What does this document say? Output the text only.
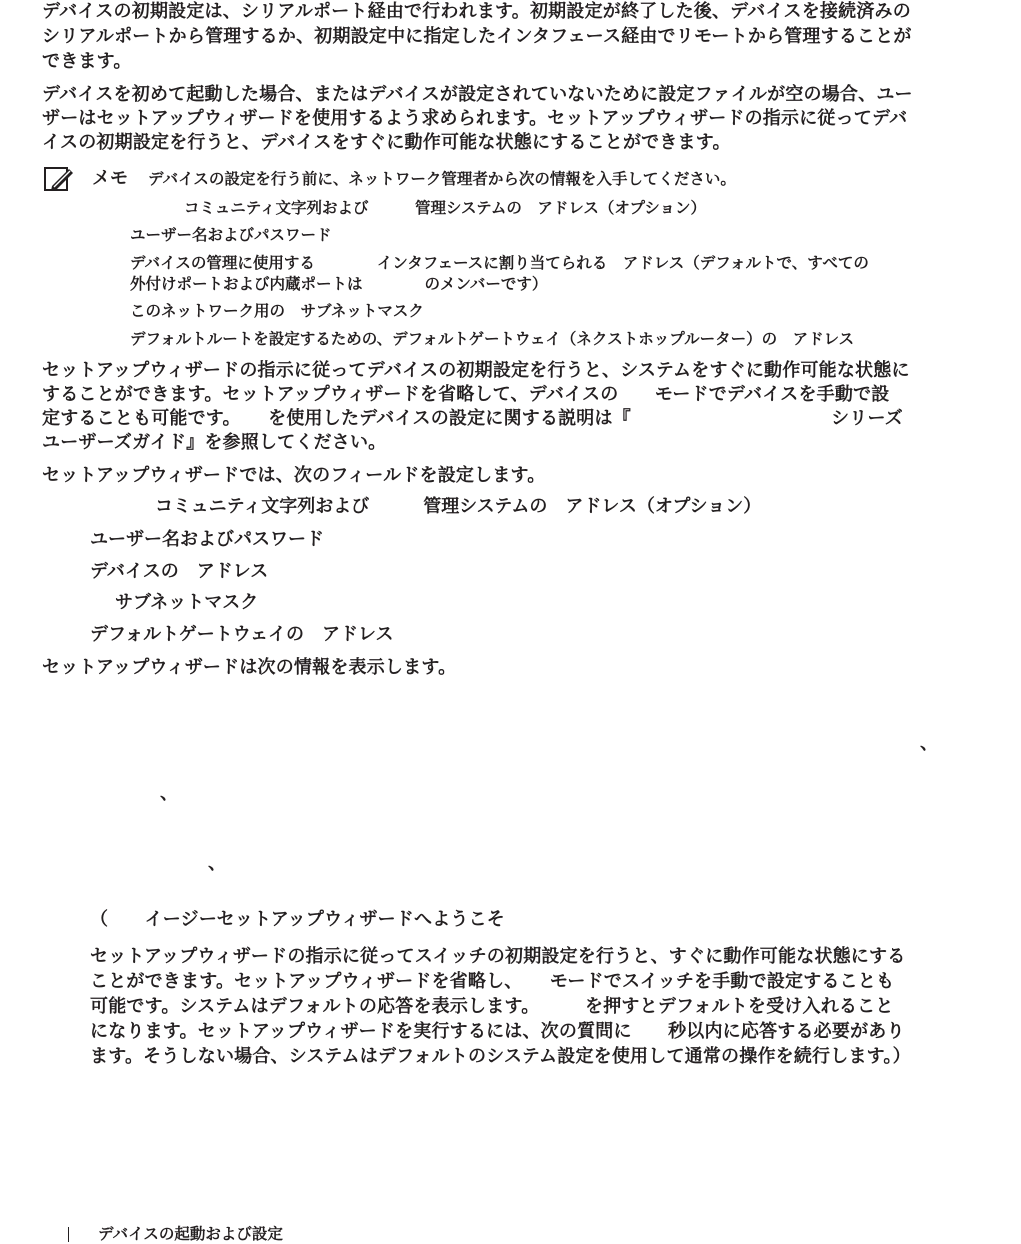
デバイスの初期設定は、シリアルポート経由で行われます。初期設定が終了した後、デバイスを接続済みの

シリアルポートから管理するか、初期設定中に指定したインタフェース経由でリモートから管理することが

できます。

デバイスを初めて起動した場合、またはデバイスが設定されていないために設定ファイルが空の場合、ユー

ザーはセットアップウィザードを使用するよう求められます。セットアップウィザードの指示に従ってデバ

イスの初期設定を行うと、デバイスをすぐに動作可能な状態にすることができます。

メモ デバイスの設定を行う前に、ネットワーク管理者から次の情報を入手してください。
コミュニティ文字列および　　　管理システムの　アドレス（オプション）
ユーザー名およびパスワード
デバイスの管理に使用する　　　　インタフェースに割り当てられる　アドレス（デフォルトで、すべての
外付けポートおよび内蔵ポートは　　　　のメンバーです）
このネットワーク用の　サブネットマスク
デフォルトルートを設定するための、デフォルトゲートウェイ（ネクストホップルーター）の　アドレス

セットアップウィザードの指示に従ってデバイスの初期設定を行うと、システムをすぐに動作可能な状態に

することができます。セットアップウィザードを省略して、デバイスの　　モードでデバイスを手動で設

定することも可能です。　　を使用したデバイスの設定に関する説明は『　　　　　　　　　　　シリーズ

ユーザーズガイド』を参照してください。

セットアップウィザードでは、次のフィールドを設定します。

コミュニティ文字列および　　　管理システムの　アドレス（オプション）
ユーザー名およびパスワード
デバイスの　アドレス
サブネットマスク
デフォルトゲートウェイの　アドレス

セットアップウィザードは次の情報を表示します。

、
、
、

（　　イージーセットアップウィザードへようこそ

セットアップウィザードの指示に従ってスイッチの初期設定を行うと、すぐに動作可能な状態にする

ことができます。セットアップウィザードを省略し、　　モードでスイッチを手動で設定することも

可能です。システムはデフォルトの応答を表示します。　　　を押すとデフォルトを受け入れること

になります。セットアップウィザードを実行するには、次の質問に　　秒以内に応答する必要があり

ます。そうしない場合、システムはデフォルトのシステム設定を使用して通常の操作を続行します。）

デバイスの起動および設定
